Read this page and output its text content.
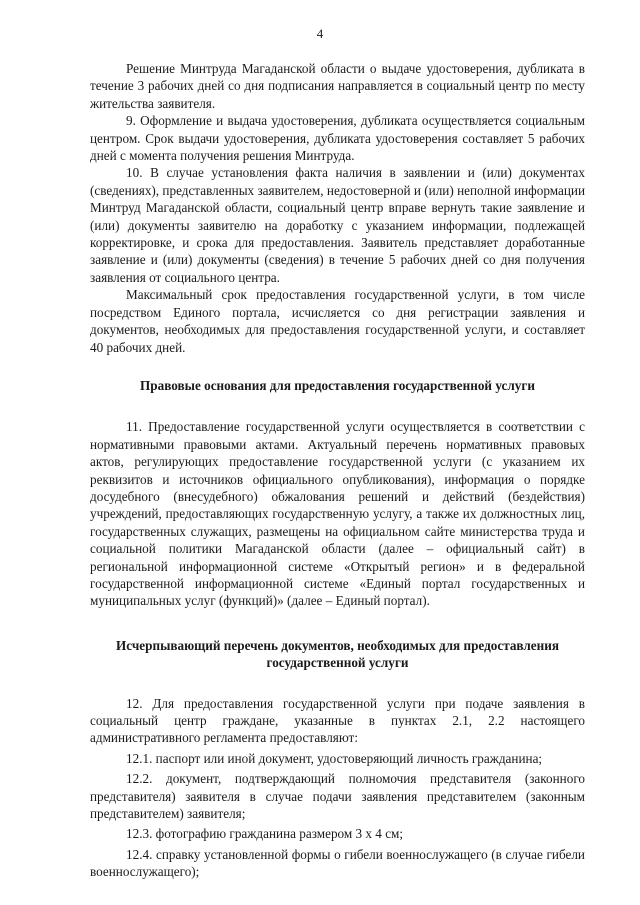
4

Решение Минтруда Магаданской области о выдаче удостоверения, дубликата в течение 3 рабочих дней со дня подписания направляется в социальный центр по месту жительства заявителя.

9. Оформление и выдача удостоверения, дубликата осуществляется социальным центром. Срок выдачи удостоверения, дубликата удостоверения составляет 5 рабочих дней с момента получения решения Минтруда.

10. В случае установления факта наличия в заявлении и (или) документах (сведениях), представленных заявителем, недостоверной и (или) неполной информации Минтруд Магаданской области, социальный центр вправе вернуть такие заявление и (или) документы заявителю на доработку с указанием информации, подлежащей корректировке, и срока для предоставления. Заявитель представляет доработанные заявление и (или) документы (сведения) в течение 5 рабочих дней со дня получения заявления от социального центра.

Максимальный срок предоставления государственной услуги, в том числе посредством Единого портала, исчисляется со дня регистрации заявления и документов, необходимых для предоставления государственной услуги, и составляет 40 рабочих дней.

Правовые основания для предоставления государственной услуги

11. Предоставление государственной услуги осуществляется в соответствии с нормативными правовыми актами. Актуальный перечень нормативных правовых актов, регулирующих предоставление государственной услуги (с указанием их реквизитов и источников официального опубликования), информация о порядке досудебного (внесудебного) обжалования решений и действий (бездействия) учреждений, предоставляющих государственную услугу, а также их должностных лиц, государственных служащих, размещены на официальном сайте министерства труда и социальной политики Магаданской области (далее – официальный сайт) в региональной информационной системе «Открытый регион» и в федеральной государственной информационной системе «Единый портал государственных и муниципальных услуг (функций)» (далее – Единый портал).

Исчерпывающий перечень документов, необходимых для предоставления
государственной услуги

12. Для предоставления государственной услуги при подаче заявления в социальный центр граждане, указанные в пунктах 2.1, 2.2 настоящего административного регламента предоставляют:

12.1. паспорт или иной документ, удостоверяющий личность гражданина;

12.2. документ, подтверждающий полномочия представителя (законного представителя) заявителя в случае подачи заявления представителем (законным представителем) заявителя;

12.3. фотографию гражданина размером 3 х 4 см;

12.4. справку установленной формы о гибели военнослужащего (в случае гибели военнослужащего);
